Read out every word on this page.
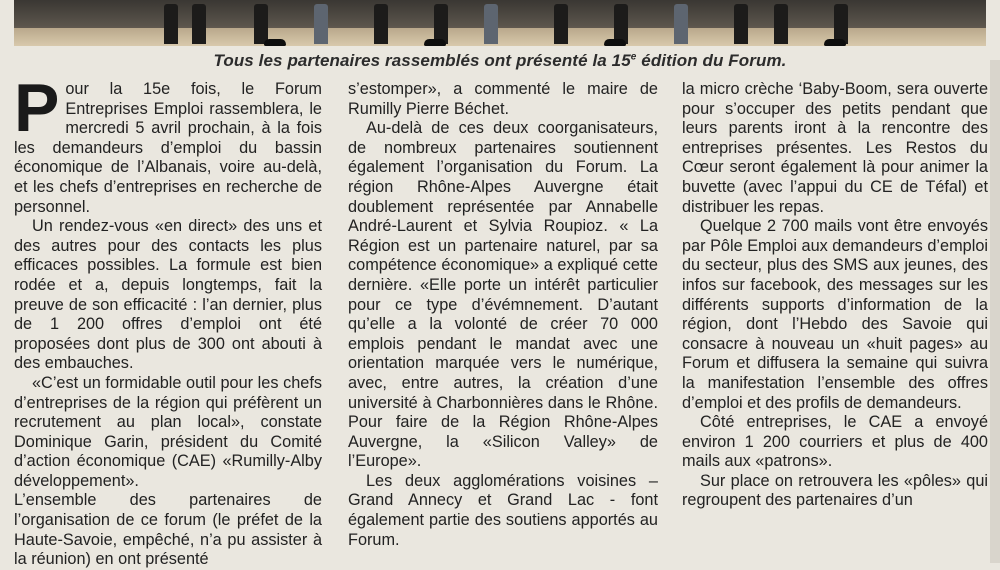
Tous les partenaires rassemblés ont présenté la 15e édition du Forum.
P our la 15e fois, le Forum Entreprises Emploi rassemblera, le mercredi 5 avril prochain, à la fois les demandeurs d’emploi du bassin économique de l’Albanais, voire au-delà, et les chefs d’entreprises en recherche de personnel.

Un rendez-vous «en direct» des uns et des autres pour des contacts les plus efficaces possibles. La formule est bien rodée et a, depuis longtemps, fait la preuve de son efficacité : l’an dernier, plus de 1 200 offres d’emploi ont été proposées dont plus de 300 ont abouti à des embauches.

«C’est un formidable outil pour les chefs d’entreprises de la région qui préfèrent un recrutement au plan local», constate Dominique Garin, président du Comité d’action économique (CAE) «Rumilly-Alby développement».

L’ensemble des partenaires de l’organisation de ce forum (le préfet de la Haute-Savoie, empêché, n’a pu assister à la réunion) en ont présenté

s’estomper», a commenté le maire de Rumilly Pierre Béchet.

Au-delà de ces deux coorganisateurs, de nombreux partenaires soutiennent également l’organisation du Forum. La région Rhône-Alpes Auvergne était doublement représentée par Annabelle André-Laurent et Sylvia Roupioz. « La Région est un partenaire naturel, par sa compétence économique» a expliqué cette dernière. «Elle porte un intérêt particulier pour ce type d’évémnement. D’autant qu’elle a la volonté de créer 70 000 emplois pendant le mandat avec une orientation marquée vers le numérique, avec, entre autres, la création d’une université à Charbonnières dans le Rhône. Pour faire de la Région Rhône-Alpes Auvergne, la «Silicon Valley» de l’Europe».

Les deux agglomérations voisines – Grand Annecy et Grand Lac - font également partie des soutiens apportés au Forum.

la micro crèche ‘Baby-Boom, sera ouverte pour s’occuper des petits pendant que leurs parents iront à la rencontre des entreprises présentes. Les Restos du Cœur seront également là pour animer la buvette (avec l’appui du CE de Téfal) et distribuer les repas.

Quelque 2 700 mails vont être envoyés par Pôle Emploi aux demandeurs d’emploi du secteur, plus des SMS aux jeunes, des infos sur facebook, des messages sur les différents supports d’information de la région, dont l’Hebdo des Savoie qui consacre à nouveau un «huit pages» au Forum et diffusera la semaine qui suivra la manifestation l’ensemble des offres d’emploi et des profils de demandeurs.

Côté entreprises, le CAE a envoyé environ 1 200 courriers et plus de 400 mails aux «patrons».

Sur place on retrouvera les «pôles» qui regroupent des partenaires d’un
